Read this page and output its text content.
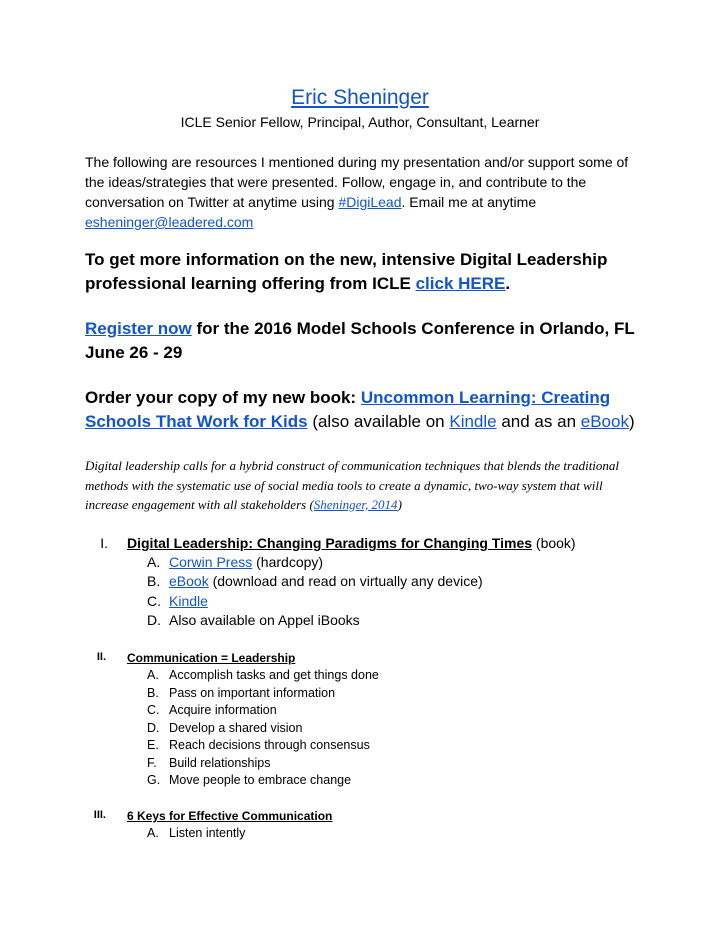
Eric Sheninger
ICLE Senior Fellow, Principal, Author, Consultant, Learner
The following are resources I mentioned during my presentation and/or support some of the ideas/strategies that were presented. Follow, engage in, and contribute to the conversation on Twitter at anytime using #DigiLead. Email me at anytime esheninger@leadered.com
To get more information on the new, intensive Digital Leadership professional learning offering from ICLE click HERE.
Register now for the 2016 Model Schools Conference in Orlando, FL June 26 - 29
Order your copy of my new book: Uncommon Learning: Creating Schools That Work for Kids (also available on Kindle and as an eBook)
Digital leadership calls for a hybrid construct of communication techniques that blends the traditional methods with the systematic use of social media tools to create a dynamic, two-way system that will increase engagement with all stakeholders (Sheninger, 2014)
I. Digital Leadership: Changing Paradigms for Changing Times (book)
A. Corwin Press (hardcopy)
B. eBook (download and read on virtually any device)
C. Kindle
D. Also available on Appel iBooks
II. Communication = Leadership
A. Accomplish tasks and get things done
B. Pass on important information
C. Acquire information
D. Develop a shared vision
E. Reach decisions through consensus
F. Build relationships
G. Move people to embrace change
III. 6 Keys for Effective Communication
A. Listen intently
